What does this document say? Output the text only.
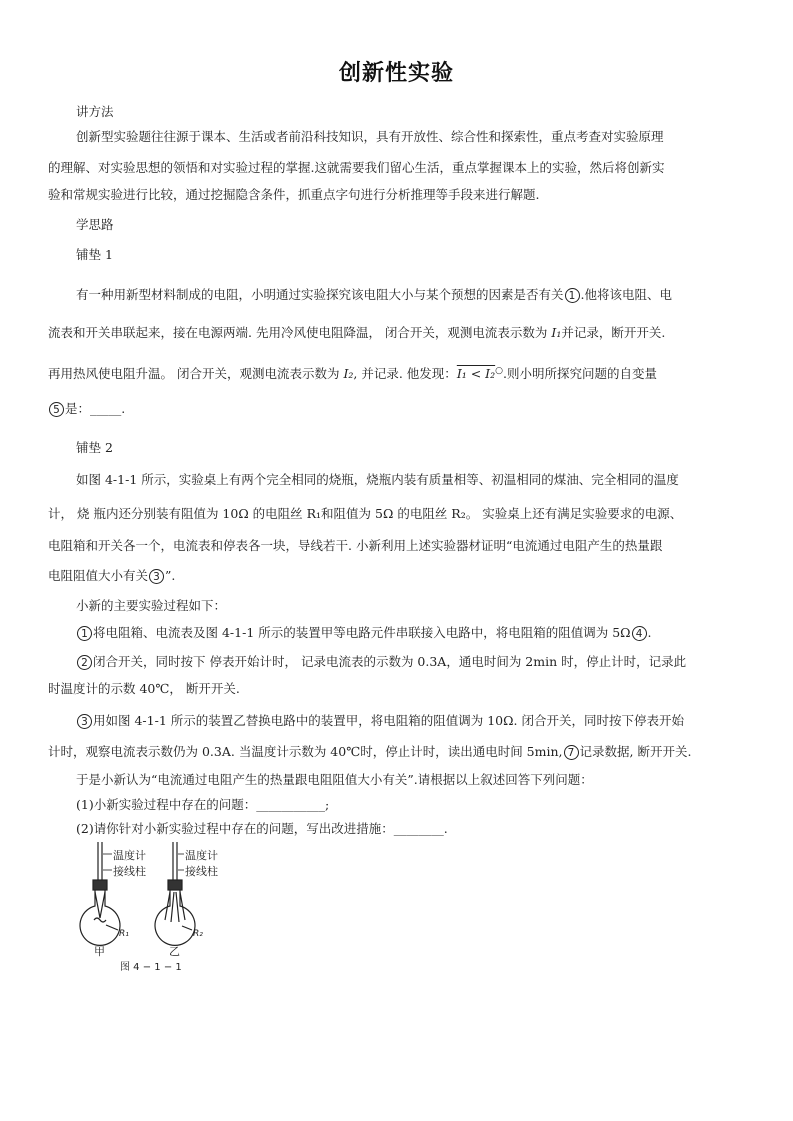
创新性实验
讲方法
创新型实验题往往源于课本、生活或者前沿科技知识，具有开放性、综合性和探索性，重点考查对实验原理
的理解、对实验思想的领悟和对实验过程的掌握.这就需要我们留心生活，重点掌握课本上的实验，然后将创新实
验和常规实验进行比较，通过挖掘隐含条件，抓重点字句进行分析推理等手段来进行解题.
学思路
铺垫 1
有一种用新型材料制成的电阻，小明通过实验探究该电阻大小与某个预想的因素是否有关 1 .他将该电阻、电
流表和开关串联起来，接在电源两端. 先用冷风使电阻降温， 闭合开关，观测电流表示数为 I₁并记录，断开开关.
再用热风使电阻升温。 闭合开关，观测电流表示数为 I₂, 并记录. 他发现：I₁ < I₂○.则小明所探究问题的自变量
5 是：_____.
铺垫 2
如图 4-1-1 所示，实验桌上有两个完全相同的烧瓶，烧瓶内装有质量相等、初温相同的煤油、完全相同的温度
计， 烧 瓶内还分别装有阻值为 10Ω 的电阻丝 R₁和阻值为 5Ω 的电阻丝 R₂。 实验桌上还有满足实验要求的电源、
电阻箱和开关各一个，电流表和停表各一块，导线若干. 小新利用上述实验器材证明“电流通过电阻产生的热量跟
电阻阻值大小有关 3 ”.
小新的主要实验过程如下：
1 将电阻箱、电流表及图 4-1-1 所示的装置甲等电路元件串联接入电路中，将电阻箱的阻值调为 5Ω 4 .
2 闭合开关，同时按下 停表开始计时， 记录电流表的示数为 0.3A，通电时间为 2min 时，停止计时，记录此
时温度计的示数 40℃， 断开开关.
3 用如图 4-1-1 所示的装置乙替换电路中的装置甲，将电阻箱的阻值调为 10Ω. 闭合开关，同时按下停表开始
计时，观察电流表示数仍为 0.3A. 当温度计示数为 40℃时，停止计时，读出通电时间 5min, 7 记录数据, 断开开关.
于是小新认为“电流通过电阻产生的热量跟电阻阻值大小有关”.请根据以上叙述回答下列问题：
(1)小新实验过程中存在的问题：___________;
(2)请你针对小新实验过程中存在的问题，写出改进措施：________.
温度计
接线柱
温度计
接线柱
R₁	R₂
甲	乙
图 4 − 1 − 1
